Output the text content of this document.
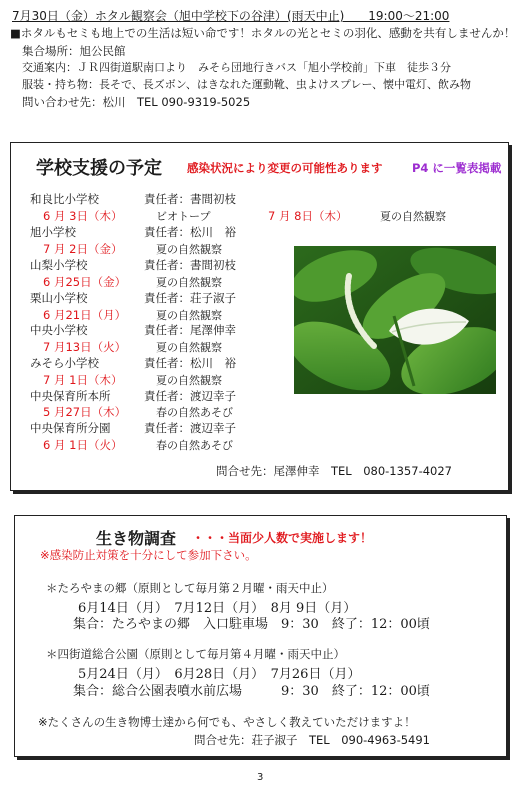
7月30日（金）ホタル観察会（旭中学校下の谷津）(雨天中止)　　19:00〜21:00
■ホタルもセミも地上での生活は短い命です！ホタルの光とセミの羽化、感動を共有しませんか！
集合場所：旭公民館
交通案内：ＪＲ四街道駅南口より　みそら団地行きバス「旭小学校前」下車　徒歩３分
服装・持ち物：長そで、長ズボン、はきなれた運動靴、虫よけスプレー、懐中電灯、飲み物
問い合わせ先：松川　TEL 090-9319-5025
学校支援の予定 感染状況により変更の可能性あります	P4 に一覧表掲載
和良比小学校	責任者：書間初枝
6 月 3日（木）	ビオトープ	7 月 8日（木）	夏の自然観察
旭小学校	責任者：松川　裕
7 月 2日（金）	夏の自然観察
山梨小学校	責任者：書間初枝
6 月25日（金）	夏の自然観察
栗山小学校	責任者：荘子淑子
6 月21日（月）	夏の自然観察
中央小学校	責任者：尾澤伸幸
7 月13日（火）	夏の自然観察
みそら小学校	責任者：松川　裕
7 月 1日（木）	夏の自然観察
中央保育所本所	責任者：渡辺幸子
5 月27日（木）	春の自然あそび
中央保育所分園	責任者：渡辺幸子
6 月 1日（火）	春の自然あそび
問合せ先：尾澤伸幸　TEL　080-1357-4027
生き物調査 ・・・当面少人数で実施します！
※感染防止対策を十分にして参加下さい。
＊たろやまの郷（原則として毎月第２月曜・雨天中止）
6月14日（月）　7月12日（月）　8月 9日（月）
集合：たろやまの郷　入口駐車場　9：30　終了：12：00頃
＊四街道総合公園（原則として毎月第４月曜・雨天中止）
5月24日（月）　6月28日（月）　7月26日（月）
集合：総合公園表噴水前広場　　　9：30　終了：12：00頃
※たくさんの生き物博士達から何でも、やさしく教えていただけますよ！
問合せ先：荘子淑子　TEL　090-4963-5491
3
